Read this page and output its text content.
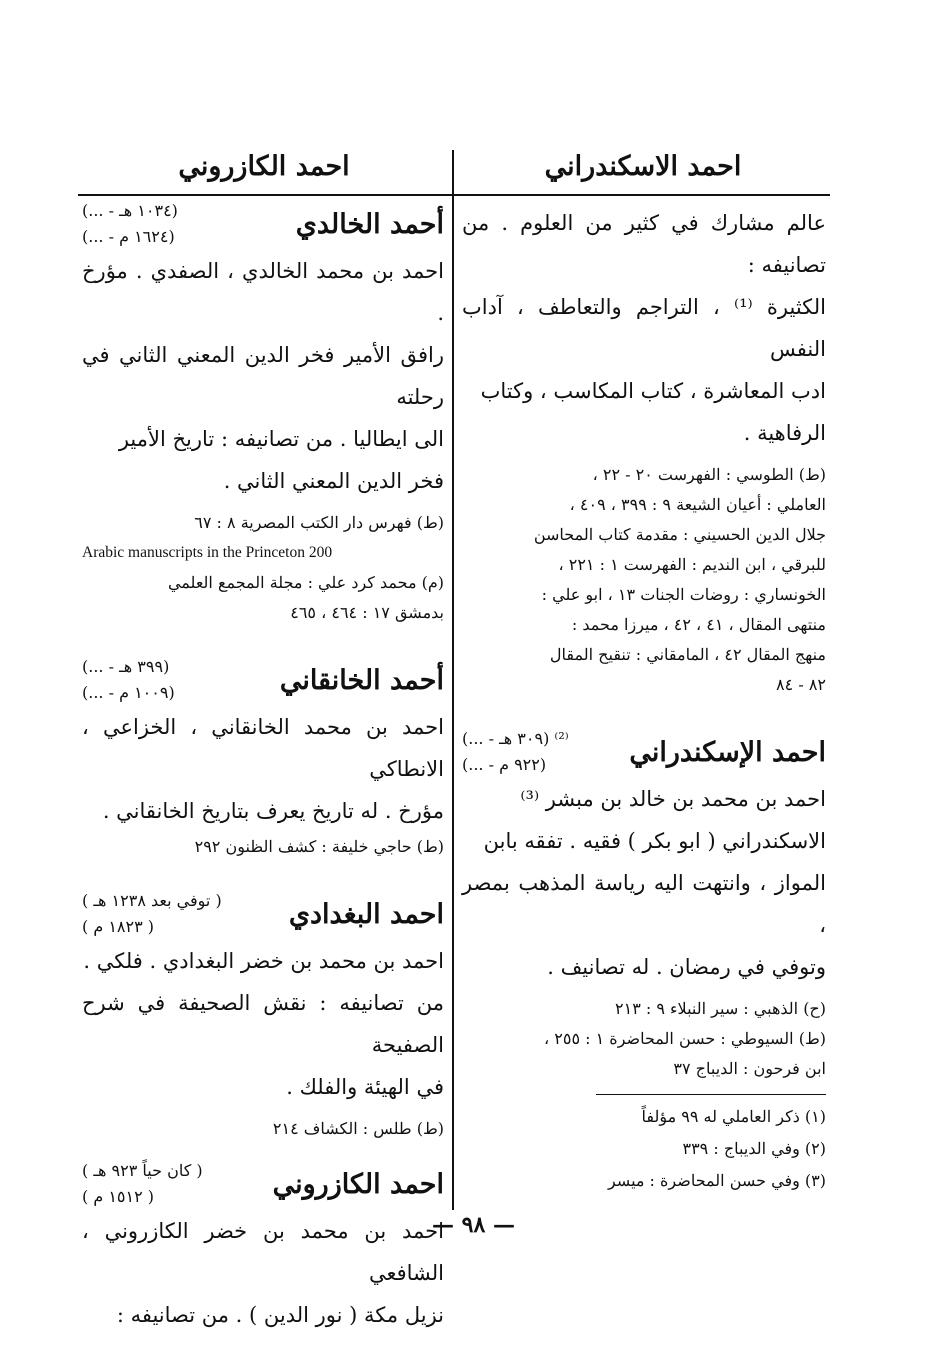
احمد الاسكندراني
احمد الكازروني

عالم مشارك في كثير من العلوم . من تصانيفه :

الكثيرة ⁽¹⁾ ، التراجم والتعاطف ، آداب النفس

ادب المعاشرة ، كتاب المكاسب ، وكتاب

الرفاهية .

(ط) الطوسي : الفهرست ٢٠ - ٢٢ ،

العاملي : أعيان الشيعة ٩ : ٣٩٩ ، ٤٠٩ ،

جلال الدين الحسيني : مقدمة كتاب المحاسن

للبرقي ، ابن النديم : الفهرست ١ : ٢٢١ ،

الخونساري : روضات الجنات ١٣ ، ابو علي :

منتهى المقال ، ٤١ ، ٤٢ ، ميرزا محمد :

منهج المقال ٤٢ ، المامقاني : تنقيح المقال

٨٢ - ٨٤

احمد الإسكندراني
(... - ٣٠٩ هـ) ⁽²⁾
(... - ٩٢٢ م)

احمد بن محمد بن خالد بن مبشر ⁽³⁾

الاسكندراني ( ابو بكر ) فقيه . تفقه بابن

المواز ، وانتهت اليه رياسة المذهب بمصر ،

وتوفي في رمضان . له تصانيف .

(ح) الذهبي : سير النبلاء ٩ : ٢١٣

(ط) السيوطي : حسن المحاضرة ١ : ٢٥٥ ،

ابن فرحون : الديباج ٣٧

(١) ذكر العاملي له ٩٩ مؤلفاً

(٢) وفي الديباج : ٣٣٩

(٣) وفي حسن المحاضرة : ميسر

أحمد الخالدي
(... - ١٠٣٤ هـ)
(... - ١٦٢٤ م)

احمد بن محمد الخالدي ، الصفدي . مؤرخ .

رافق الأمير فخر الدين المعني الثاني في رحلته

الى ايطاليا . من تصانيفه : تاريخ الأمير

فخر الدين المعني الثاني .

(ط) فهرس دار الكتب المصرية ٨ : ٦٧

Arabic manuscripts in the Princeton 200

(م) محمد كرد علي : مجلة المجمع العلمي

بدمشق ١٧ : ٤٦٤ ، ٤٦٥

أحمد الخانقاني
(... - ٣٩٩ هـ)
(... - ١٠٠٩ م)

احمد بن محمد الخانقاني ، الخزاعي ، الانطاكي

مؤرخ . له تاريخ يعرف بتاريخ الخانقاني .

(ط) حاجي خليفة : كشف الظنون ٢٩٢

احمد البغدادي
( توفي بعد ١٢٣٨ هـ )
( ١٨٢٣ م )

احمد بن محمد بن خضر البغدادي . فلكي .

من تصانيفه : نقش الصحيفة في شرح الصفيحة

في الهيئة والفلك .

(ط) طلس : الكشاف ٢١٤

احمد الكازروني
( كان حياً ٩٢٣ هـ )
( ١٥١٢ م )

احمد بن محمد بن خضر الكازروني ، الشافعي

نزيل مكة ( نور الدين ) . من تصانيفه :

— ٩٨ —
